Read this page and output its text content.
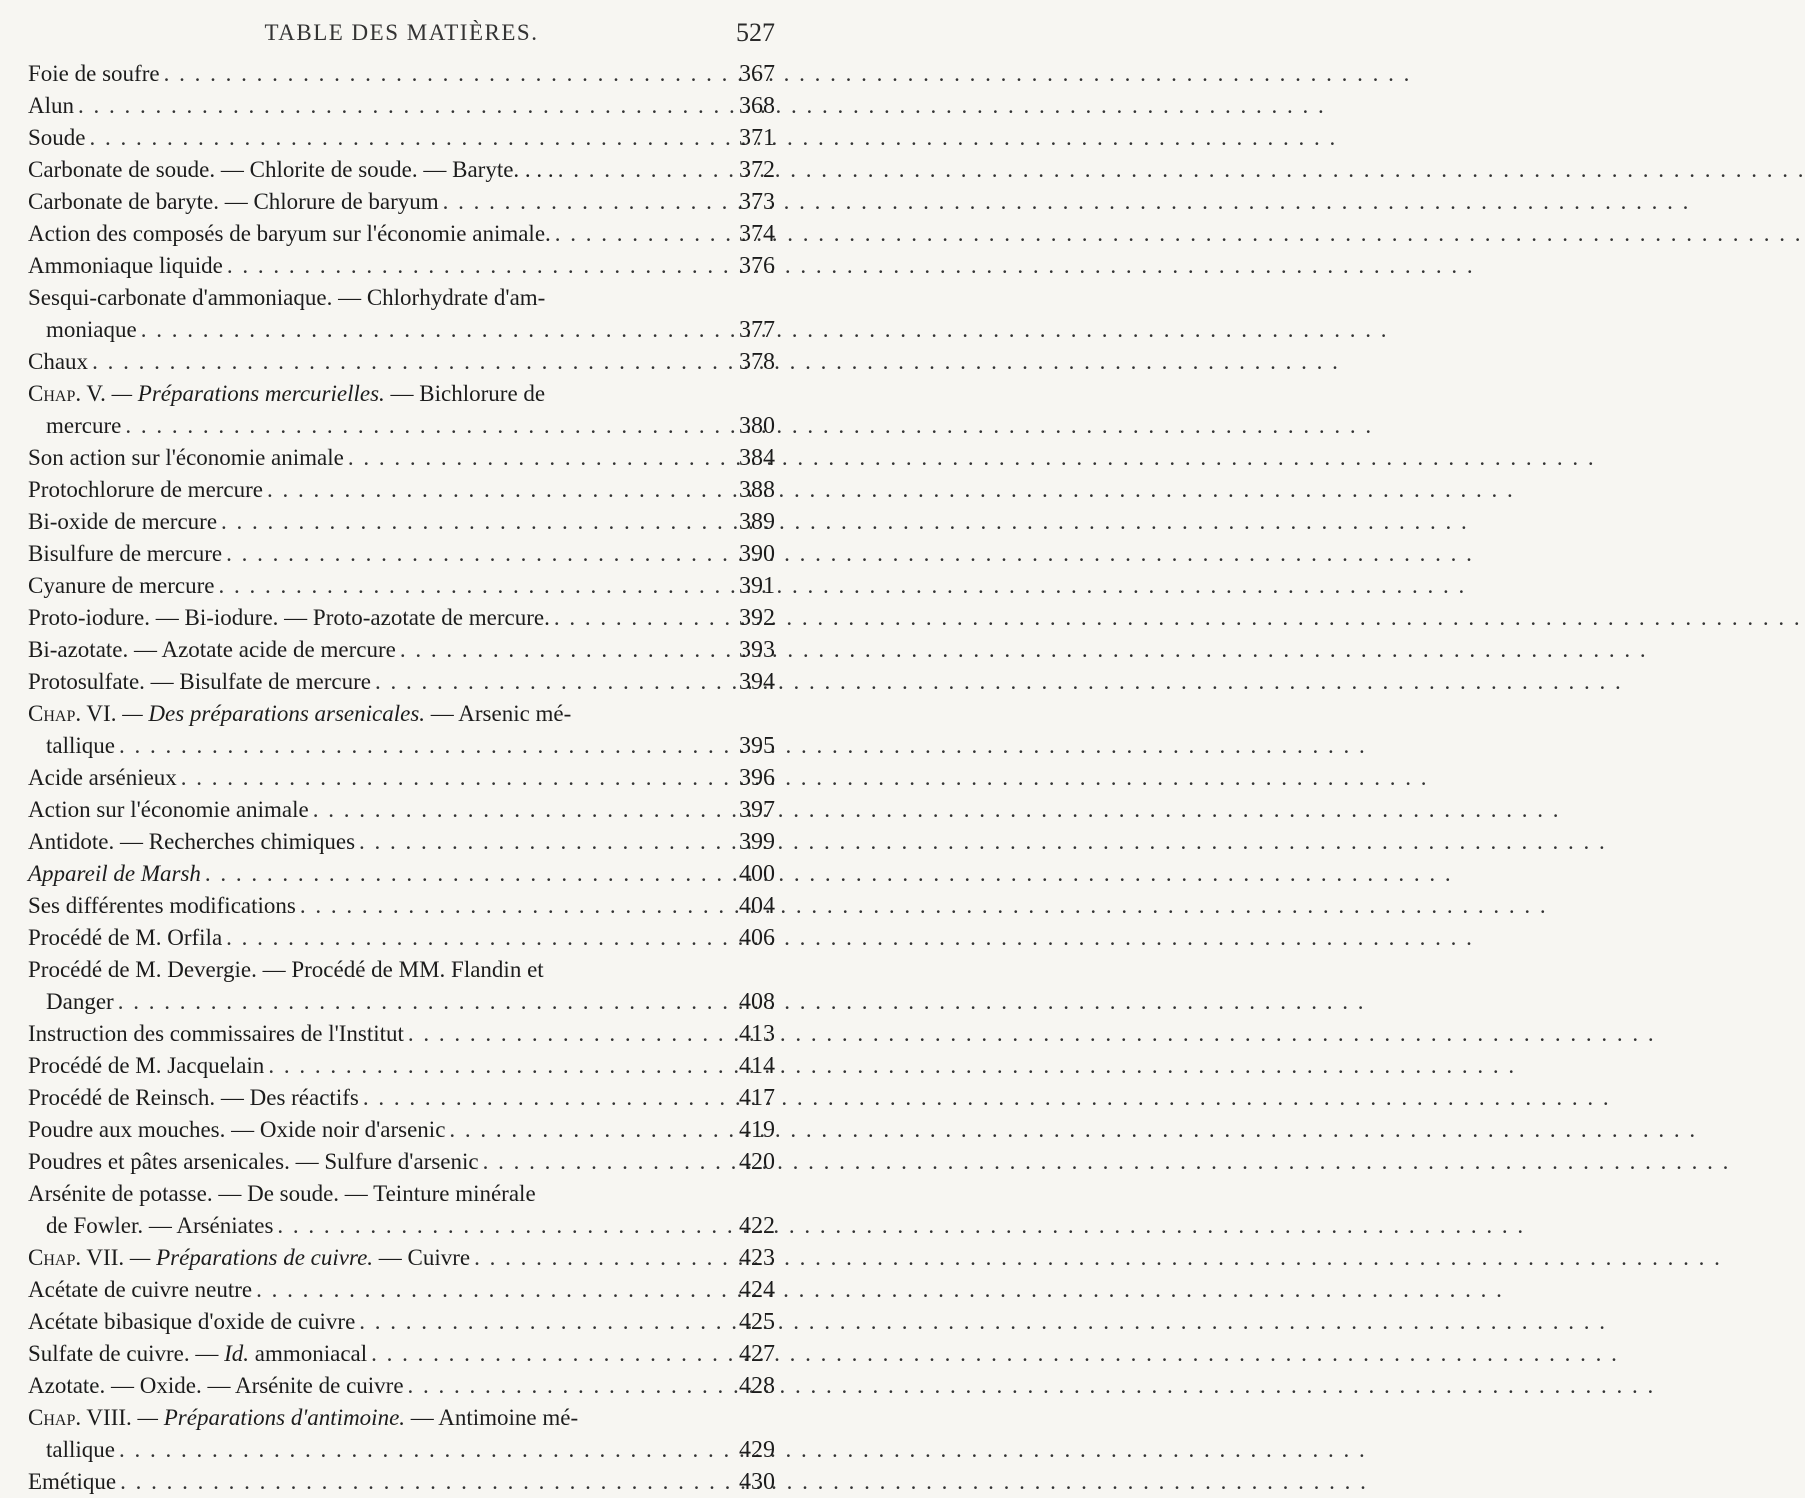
TABLE DES MATIÈRES.	527
Foie de soufre . . .	367
Alun . . .	368
Soude . . .	371
Carbonate de soude. — Chlorite de soude. — Baryte. . . . . . .	372
Carbonate de baryte. — Chlorure de baryum . . .	373
Action des composés de baryum sur l'économie animale. . . .	374
Ammoniaque liquide . . .	376
Sesqui-carbonate d'ammoniaque. — Chlorhydrate d'am-
moniaque . . .	377
Chaux . . .	378
Chap. V. — Préparations mercurielles. — Bichlorure de
mercure . . .	380
Son action sur l'économie animale . . .	384
Protochlorure de mercure . . .	388
Bi-oxide de mercure . . .	389
Bisulfure de mercure . . .	390
Cyanure de mercure . . .	391
Proto-iodure. — Bi-iodure. — Proto-azotate de mercure. . . .	392
Bi-azotate. — Azotate acide de mercure . . .	393
Protosulfate. — Bisulfate de mercure . . .	394
Chap. VI. — Des préparations arsenicales. — Arsenic mé-
tallique . . .	395
Acide arsénieux . . .	396
Action sur l'économie animale . . .	397
Antidote. — Recherches chimiques . . .	399
Appareil de Marsh . . .	400
Ses différentes modifications . . .	404
Procédé de M. Orfila . . .	406
Procédé de M. Devergie. — Procédé de MM. Flandin et
Danger . . .	408
Instruction des commissaires de l'Institut . . .	413
Procédé de M. Jacquelain . . .	414
Procédé de Reinsch. — Des réactifs . . .	417
Poudre aux mouches. — Oxide noir d'arsenic . . .	419
Poudres et pâtes arsenicales. — Sulfure d'arsenic . . .	420
Arsénite de potasse. — De soude. — Teinture minérale
de Fowler. — Arséniates . . .	422
Chap. VII. — Préparations de cuivre. — Cuivre . . .	423
Acétate de cuivre neutre . . .	424
Acétate bibasique d'oxide de cuivre . . .	425
Sulfate de cuivre. — Id. ammoniacal . . .	427
Azotate. — Oxide. — Arsénite de cuivre . . .	428
Chap. VIII. — Préparations d'antimoine. — Antimoine mé-
tallique . . .	429
Emétique . . .	430
